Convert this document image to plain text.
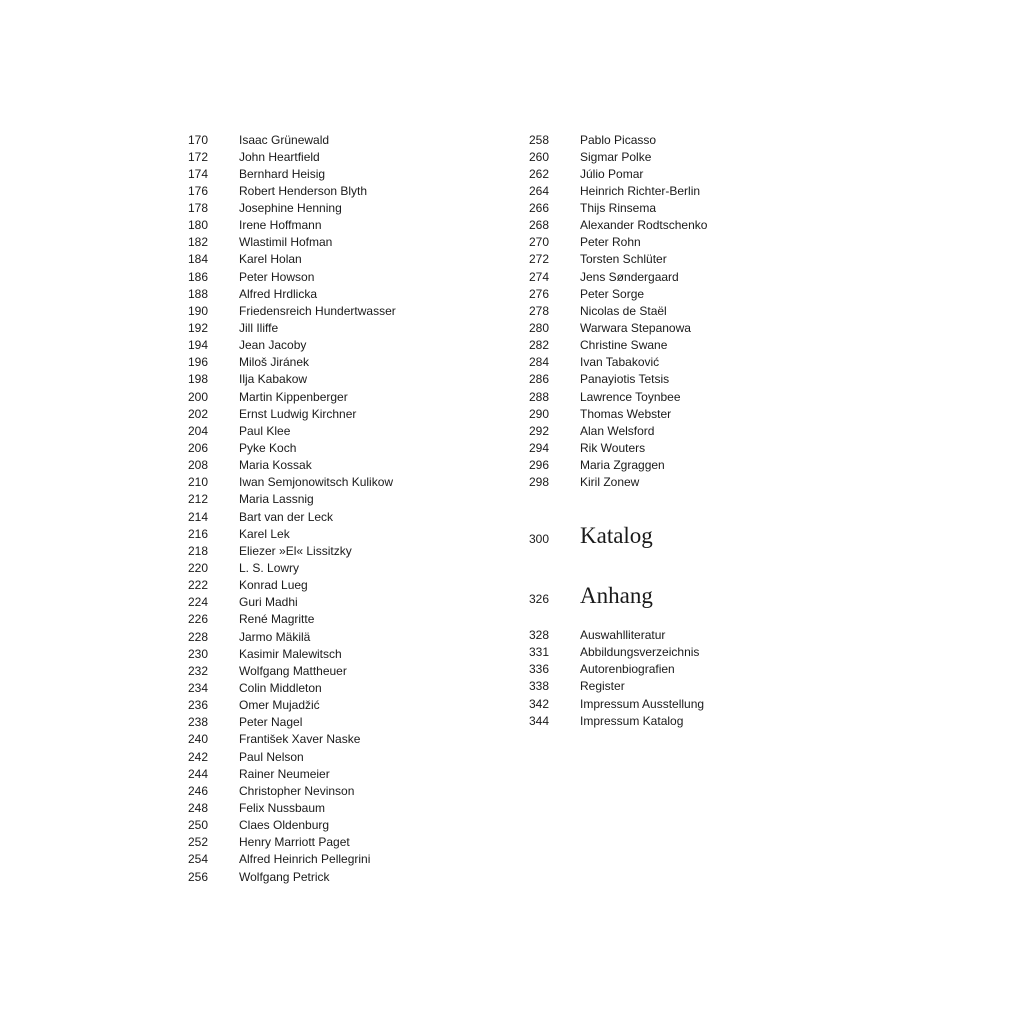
170	Isaac Grünewald
172	John Heartfield
174	Bernhard Heisig
176	Robert Henderson Blyth
178	Josephine Henning
180	Irene Hoffmann
182	Wlastimil Hofman
184	Karel Holan
186	Peter Howson
188	Alfred Hrdlicka
190	Friedensreich Hundertwasser
192	Jill Iliffe
194	Jean Jacoby
196	Miloš Jiránek
198	Ilja Kabakow
200	Martin Kippenberger
202	Ernst Ludwig Kirchner
204	Paul Klee
206	Pyke Koch
208	Maria Kossak
210	Iwan Semjonowitsch Kulikow
212	Maria Lassnig
214	Bart van der Leck
216	Karel Lek
218	Eliezer »El« Lissitzky
220	L. S. Lowry
222	Konrad Lueg
224	Guri Madhi
226	René Magritte
228	Jarmo Mäkilä
230	Kasimir Malewitsch
232	Wolfgang Mattheuer
234	Colin Middleton
236	Omer Mujadžić
238	Peter Nagel
240	František Xaver Naske
242	Paul Nelson
244	Rainer Neumeier
246	Christopher Nevinson
248	Felix Nussbaum
250	Claes Oldenburg
252	Henry Marriott Paget
254	Alfred Heinrich Pellegrini
256	Wolfgang Petrick
258	Pablo Picasso
260	Sigmar Polke
262	Júlio Pomar
264	Heinrich Richter-Berlin
266	Thijs Rinsema
268	Alexander Rodtschenko
270	Peter Rohn
272	Torsten Schlüter
274	Jens Søndergaard
276	Peter Sorge
278	Nicolas de Staël
280	Warwara Stepanowa
282	Christine Swane
284	Ivan Tabaković
286	Panayiotis Tetsis
288	Lawrence Toynbee
290	Thomas Webster
292	Alan Welsford
294	Rik Wouters
296	Maria Zgraggen
298	Kiril Zonew
300	Katalog
326	Anhang
328	Auswahlliteratur
331	Abbildungsverzeichnis
336	Autorenbiografien
338	Register
342	Impressum Ausstellung
344	Impressum Katalog
